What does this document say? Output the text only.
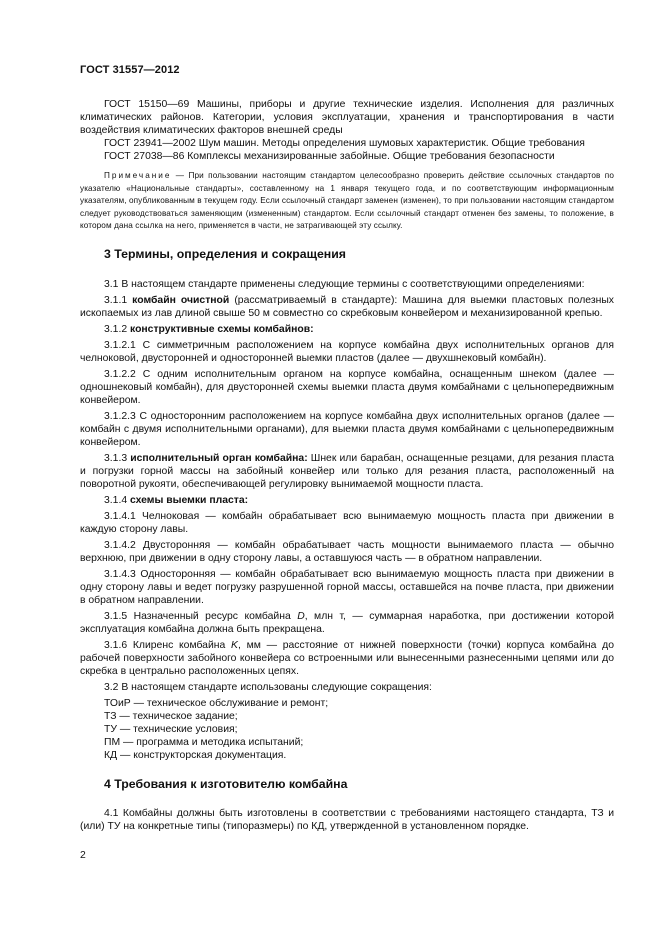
ГОСТ 31557—2012

ГОСТ 15150—69 Машины, приборы и другие технические изделия. Исполнения для различных климатических районов. Категории, условия эксплуатации, хранения и транспортирования в части воздействия климатических факторов внешней среды

ГОСТ 23941—2002 Шум машин. Методы определения шумовых характеристик. Общие требования

ГОСТ 27038—86 Комплексы механизированные забойные. Общие требования безопасности

Примечание — При пользовании настоящим стандартом целесообразно проверить действие ссылочных стандартов по указателю «Национальные стандарты», составленному на 1 января текущего года, и по соответствующим информационным указателям, опубликованным в текущем году. Если ссылочный стандарт заменен (изменен), то при пользовании настоящим стандартом следует руководствоваться заменяющим (измененным) стандартом. Если ссылочный стандарт отменен без замены, то положение, в котором дана ссылка на него, применяется в части, не затрагивающей эту ссылку.

3 Термины, определения и сокращения

3.1 В настоящем стандарте применены следующие термины с соответствующими определениями:

3.1.1 комбайн очистной (рассматриваемый в стандарте): Машина для выемки пластовых полезных ископаемых из лав длиной свыше 50 м совместно со скребковым конвейером и механизированной крепью.

3.1.2 конструктивные схемы комбайнов:

3.1.2.1 С симметричным расположением на корпусе комбайна двух исполнительных органов для челноковой, двусторонней и односторонней выемки пластов (далее — двухшнековый комбайн).

3.1.2.2 С одним исполнительным органом на корпусе комбайна, оснащенным шнеком (далее — одношнековый комбайн), для двусторонней схемы выемки пласта двумя комбайнами с цельнопередвижным конвейером.

3.1.2.3 С односторонним расположением на корпусе комбайна двух исполнительных органов (далее — комбайн с двумя исполнительными органами), для выемки пласта двумя комбайнами с цельнопередвижным конвейером.

3.1.3 исполнительный орган комбайна: Шнек или барабан, оснащенные резцами, для резания пласта и погрузки горной массы на забойный конвейер или только для резания пласта, расположенный на поворотной рукояти, обеспечивающей регулировку вынимаемой мощности пласта.

3.1.4 схемы выемки пласта:

3.1.4.1 Челноковая — комбайн обрабатывает всю вынимаемую мощность пласта при движении в каждую сторону лавы.

3.1.4.2 Двусторонняя — комбайн обрабатывает часть мощности вынимаемого пласта — обычно верхнюю, при движении в одну сторону лавы, а оставшуюся часть — в обратном направлении.

3.1.4.3 Односторонняя — комбайн обрабатывает всю вынимаемую мощность пласта при движении в одну сторону лавы и ведет погрузку разрушенной горной массы, оставшейся на почве пласта, при движении в обратном направлении.

3.1.5 Назначенный ресурс комбайна D, млн т, — суммарная наработка, при достижении которой эксплуатация комбайна должна быть прекращена.

3.1.6 Клиренс комбайна K, мм — расстояние от нижней поверхности (точки) корпуса комбайна до рабочей поверхности забойного конвейера со встроенными или вынесенными разнесенными цепями или до скребка в центрально расположенных цепях.

3.2 В настоящем стандарте использованы следующие сокращения:

ТОиР — техническое обслуживание и ремонт;

ТЗ — техническое задание;

ТУ — технические условия;

ПМ — программа и методика испытаний;

КД — конструкторская документация.

4 Требования к изготовителю комбайна

4.1 Комбайны должны быть изготовлены в соответствии с требованиями настоящего стандарта, ТЗ и (или) ТУ на конкретные типы (типоразмеры) по КД, утвержденной в установленном порядке.

2
